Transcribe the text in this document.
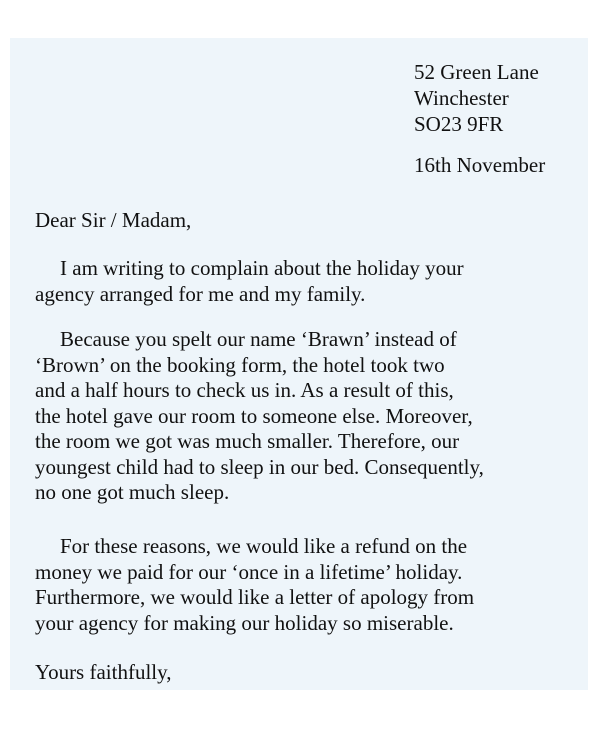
52 Green Lane
Winchester
SO23 9FR
16th November
Dear Sir / Madam,
I am writing to complain about the holiday your
agency arranged for me and my family.
Because you spelt our name ‘Brawn’ instead of
‘Brown’ on the booking form, the hotel took two
and a half hours to check us in. As a result of this,
the hotel gave our room to someone else. Moreover,
the room we got was much smaller. Therefore, our
youngest child had to sleep in our bed. Consequently,
no one got much sleep.
For these reasons, we would like a refund on the
money we paid for our ‘once in a lifetime’ holiday.
Furthermore, we would like a letter of apology from
your agency for making our holiday so miserable.
Yours faithfully,
